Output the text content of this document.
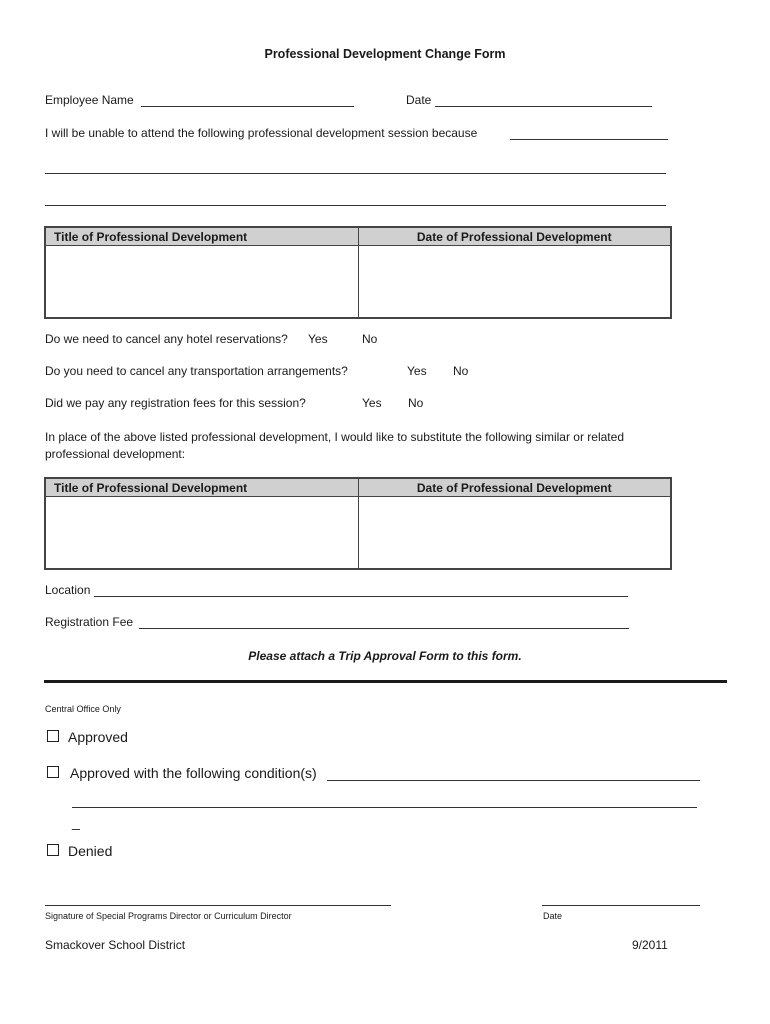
Professional Development Change Form
Employee Name	Date
I will be unable to attend the following professional development session because
Title of Professional Development	Date of Professional Development

Do we need to cancel any hotel reservations? Yes	No
Do you need to cancel any transportation arrangements?	Yes No
Did we pay any registration fees for this session?	Yes No
In place of the above listed professional development, I would like to substitute the following similar or related
professional development:
Title of Professional Development	Date of Professional Development

Location
Registration Fee
Please attach a Trip Approval Form to this form.
Central Office Only
Approved
Approved with the following condition(s)
_
Denied
Signature of Special Programs Director or Curriculum Director	Date
Smackover School District	9/2011
